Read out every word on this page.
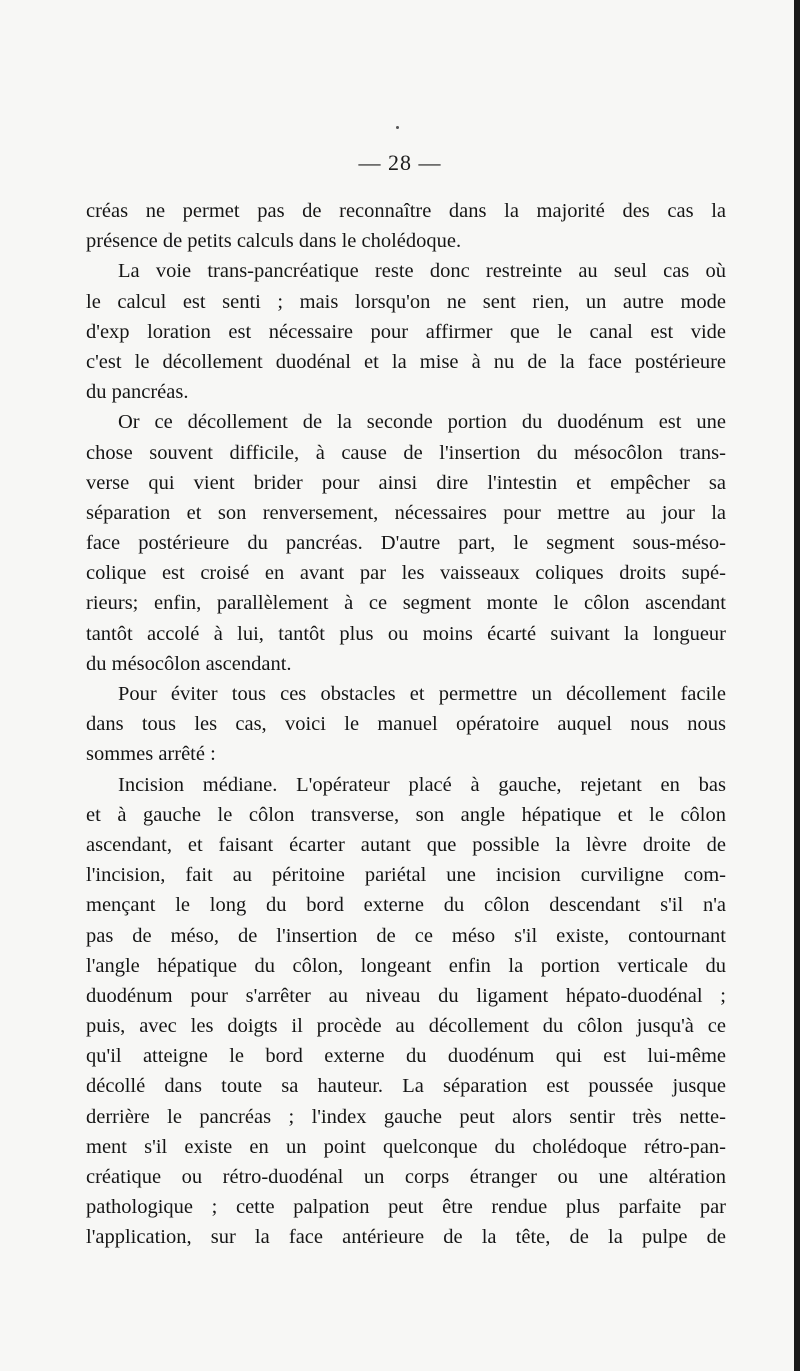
— 28 —
créas ne permet pas de reconnaître dans la majorité des cas la
présence de petits calculs dans le cholédoque.
La voie trans-pancréatique reste donc restreinte au seul cas où
le calcul est senti ; mais lorsqu'on ne sent rien, un autre mode
d'exp loration est nécessaire pour affirmer que le canal est vide
c'est le décollement duodénal et la mise à nu de la face postérieure
du pancréas.
Or ce décollement de la seconde portion du duodénum est une
chose souvent difficile, à cause de l'insertion du mésocôlon trans-
verse qui vient brider pour ainsi dire l'intestin et empêcher sa
séparation et son renversement, nécessaires pour mettre au jour la
face postérieure du pancréas. D'autre part, le segment sous-méso-
colique est croisé en avant par les vaisseaux coliques droits supé-
rieurs; enfin, parallèlement à ce segment monte le côlon ascendant
tantôt accolé à lui, tantôt plus ou moins écarté suivant la longueur
du mésocôlon ascendant.
Pour éviter tous ces obstacles et permettre un décollement facile
dans tous les cas, voici le manuel opératoire auquel nous nous
sommes arrêté :
Incision médiane. L'opérateur placé à gauche, rejetant en bas
et à gauche le côlon transverse, son angle hépatique et le côlon
ascendant, et faisant écarter autant que possible la lèvre droite de
l'incision, fait au péritoine pariétal une incision curviligne com-
mençant le long du bord externe du côlon descendant s'il n'a
pas de méso, de l'insertion de ce méso s'il existe, contournant
l'angle hépatique du côlon, longeant enfin la portion verticale du
duodénum pour s'arrêter au niveau du ligament hépato-duodénal ;
puis, avec les doigts il procède au décollement du côlon jusqu'à ce
qu'il atteigne le bord externe du duodénum qui est lui-même
décollé dans toute sa hauteur. La séparation est poussée jusque
derrière le pancréas ; l'index gauche peut alors sentir très nette-
ment s'il existe en un point quelconque du cholédoque rétro-pan-
créatique ou rétro-duodénal un corps étranger ou une altération
pathologique ; cette palpation peut être rendue plus parfaite par
l'application, sur la face antérieure de la tête, de la pulpe de
